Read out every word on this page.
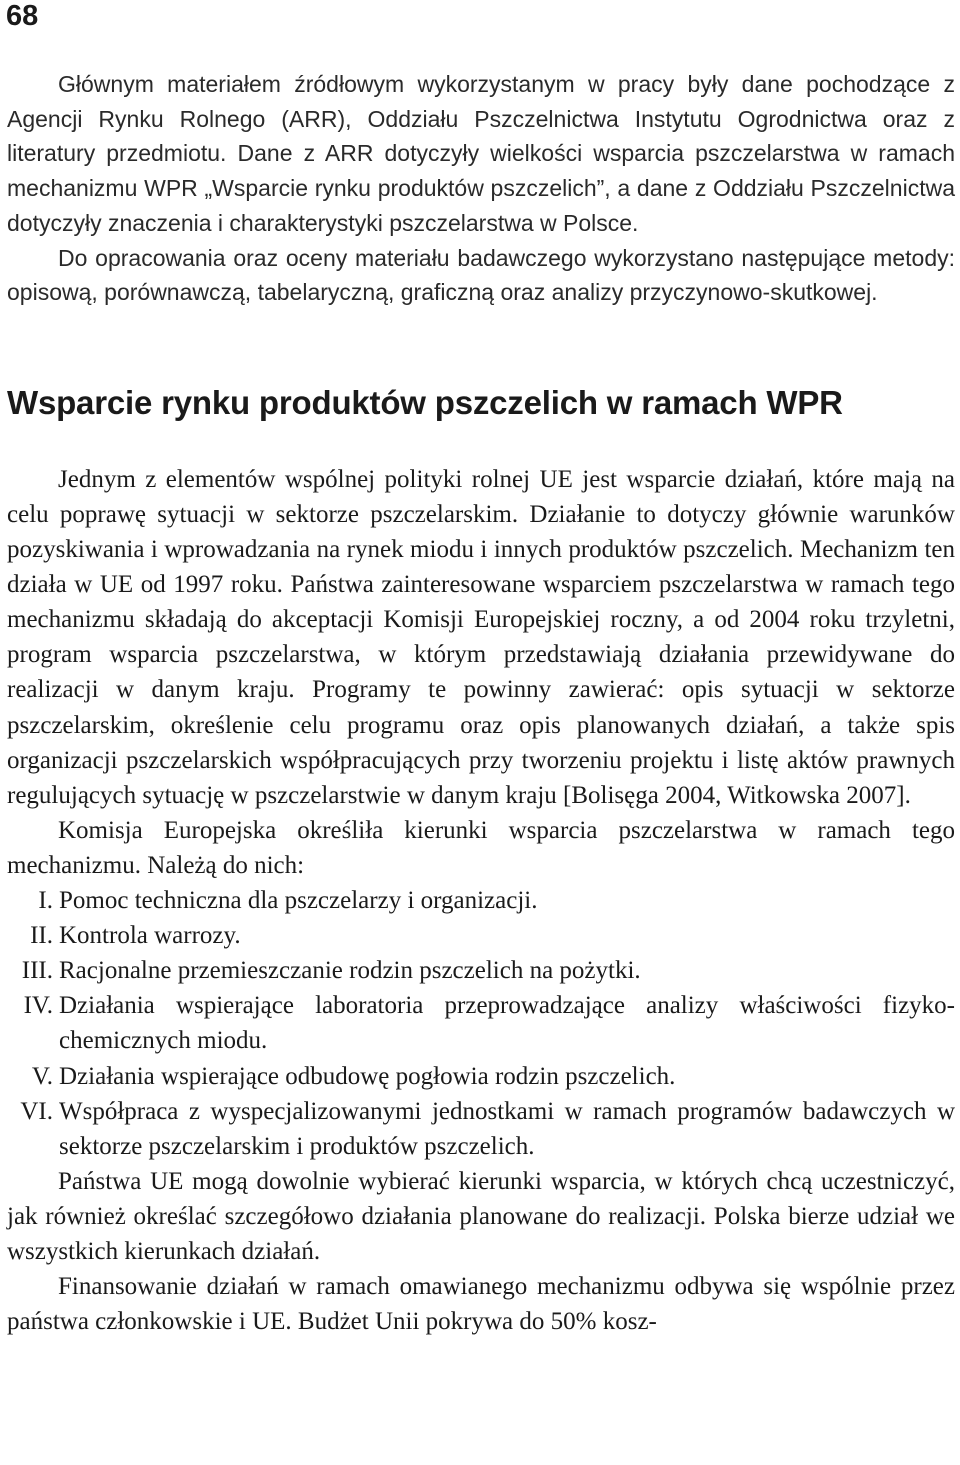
68

Głównym materiałem źródłowym wykorzystanym w pracy były dane pochodzące z Agencji Rynku Rolnego (ARR), Oddziału Pszczelnictwa Instytutu Ogrodnictwa oraz z literatury przedmiotu. Dane z ARR dotyczyły wielkości wsparcia pszczelarstwa w ramach mechanizmu WPR „Wsparcie rynku produktów pszczelich”, a dane z Oddziału Pszczelnictwa dotyczyły znaczenia i charakterystyki pszczelarstwa w Polsce.

Do opracowania oraz oceny materiału badawczego wykorzystano następujące metody: opisową, porównawczą, tabelaryczną, graficzną oraz analizy przyczynowo-skutkowej.

Wsparcie rynku produktów pszczelich w ramach WPR

Jednym z elementów wspólnej polityki rolnej UE jest wsparcie działań, które mają na celu poprawę sytuacji w sektorze pszczelarskim. Działanie to dotyczy głównie warunków pozyskiwania i wprowadzania na rynek miodu i innych produktów pszczelich. Mechanizm ten działa w UE od 1997 roku. Państwa zainteresowane wsparciem pszczelarstwa w ramach tego mechanizmu składają do akceptacji Komisji Europejskiej roczny, a od 2004 roku trzyletni, program wsparcia pszczelarstwa, w którym przedstawiają działania przewidywane do realizacji w danym kraju. Programy te powinny zawierać: opis sytuacji w sektorze pszczelarskim, określenie celu programu oraz opis planowanych działań, a także spis organizacji pszczelarskich współpracujących przy tworzeniu projektu i listę aktów prawnych regulujących sytuację w pszczelarstwie w danym kraju [Bolisęga 2004, Witkowska 2007].

Komisja Europejska określiła kierunki wsparcia pszczelarstwa w ramach tego mechanizmu. Należą do nich:

I. Pomoc techniczna dla pszczelarzy i organizacji.
II. Kontrola warrozy.
III. Racjonalne przemieszczanie rodzin pszczelich na pożytki.
IV. Działania wspierające laboratoria przeprowadzające analizy właściwości fizyko-chemicznych miodu.
V. Działania wspierające odbudowę pogłowia rodzin pszczelich.
VI. Współpraca z wyspecjalizowanymi jednostkami w ramach programów badawczych w sektorze pszczelarskim i produktów pszczelich.

Państwa UE mogą dowolnie wybierać kierunki wsparcia, w których chcą uczestniczyć, jak również określać szczegółowo działania planowane do realizacji. Polska bierze udział we wszystkich kierunkach działań.

Finansowanie działań w ramach omawianego mechanizmu odbywa się wspólnie przez państwa członkowskie i UE. Budżet Unii pokrywa do 50% kosz-
